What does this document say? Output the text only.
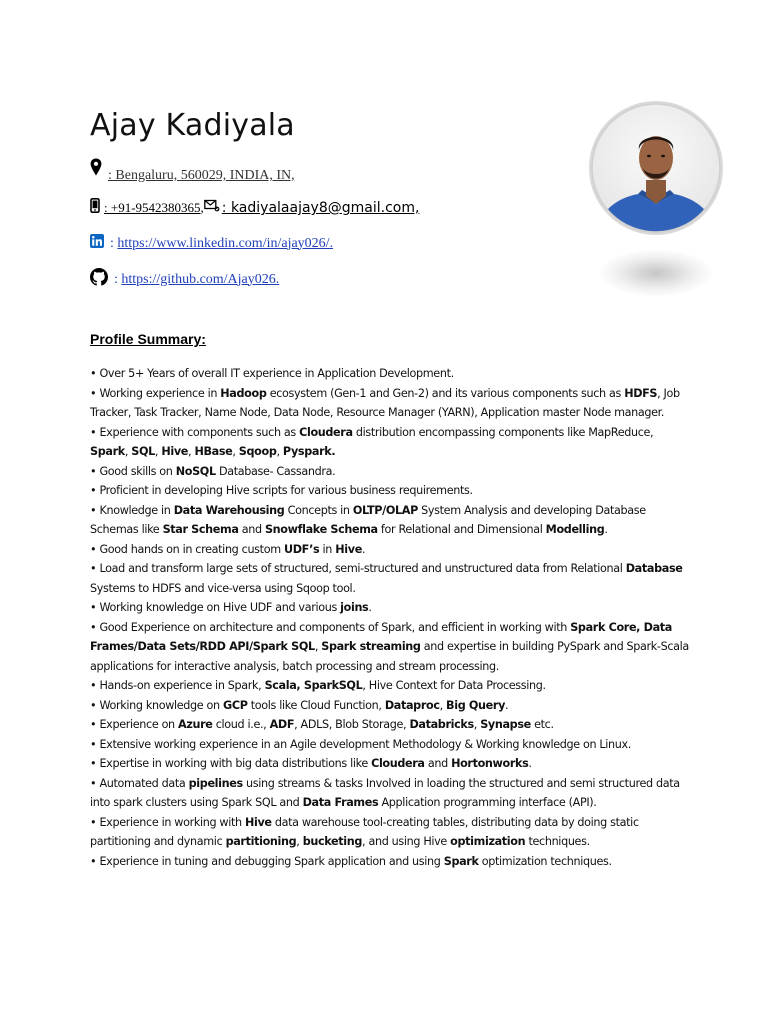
Ajay Kadiyala
: Bengaluru, 560029, INDIA, IN,
: +91-9542380365 , : kadiyalaajay8@gmail.com,
: https://www.linkedin.com/in/ajay026/.
: https://github.com/Ajay026.
Profile Summary:
• Over 5+ Years of overall IT experience in Application Development.
• Working experience in Hadoop ecosystem (Gen-1 and Gen-2) and its various components such as HDFS, Job Tracker, Task Tracker, Name Node, Data Node, Resource Manager (YARN), Application master Node manager.
• Experience with components such as Cloudera distribution encompassing components like MapReduce, Spark, SQL, Hive, HBase, Sqoop, Pyspark.
• Good skills on NoSQL Database- Cassandra.
• Proficient in developing Hive scripts for various business requirements.
• Knowledge in Data Warehousing Concepts in OLTP/OLAP System Analysis and developing Database Schemas like Star Schema and Snowflake Schema for Relational and Dimensional Modelling.
• Good hands on in creating custom UDF’s in Hive.
• Load and transform large sets of structured, semi-structured and unstructured data from Relational Database Systems to HDFS and vice-versa using Sqoop tool.
• Working knowledge on Hive UDF and various joins.
• Good Experience on architecture and components of Spark, and efficient in working with Spark Core, Data Frames/Data Sets/RDD API/Spark SQL, Spark streaming and expertise in building PySpark and Spark-Scala applications for interactive analysis, batch processing and stream processing.
• Hands-on experience in Spark, Scala, SparkSQL, Hive Context for Data Processing.
• Working knowledge on GCP tools like Cloud Function, Dataproc, Big Query.
• Experience on Azure cloud i.e., ADF, ADLS, Blob Storage, Databricks, Synapse etc.
• Extensive working experience in an Agile development Methodology & Working knowledge on Linux.
• Expertise in working with big data distributions like Cloudera and Hortonworks.
• Automated data pipelines using streams & tasks Involved in loading the structured and semi structured data into spark clusters using Spark SQL and Data Frames Application programming interface (API).
• Experience in working with Hive data warehouse tool-creating tables, distributing data by doing static partitioning and dynamic partitioning, bucketing, and using Hive optimization techniques.
• Experience in tuning and debugging Spark application and using Spark optimization techniques.
